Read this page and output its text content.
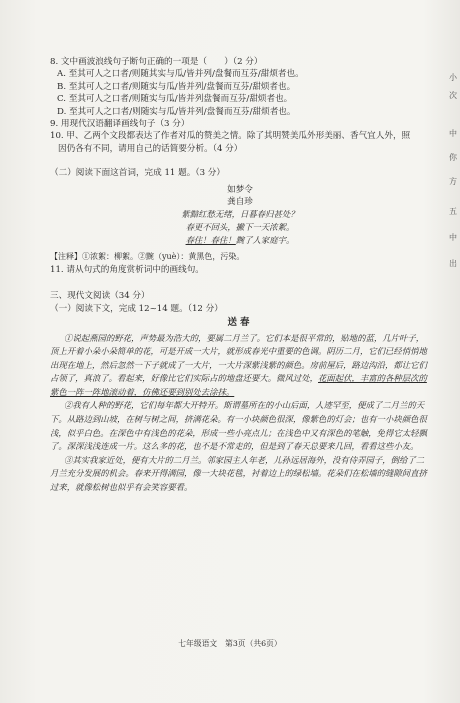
8. 文中画波浪线句子断句正确的一项是（　　）（2 分）
A. 至其可人之口者/则随其实与瓜/皆并列/盘餐而互芬/甜烦者也。
B. 至其可人之口者/则随实与瓜/皆并列/盘餐而互芬/甜烦者也。
C. 至其可人之口者/则随实与瓜/皆并列盘餐而互芬/甜烦者也。
D. 至其可人之口者/则随实与瓜/皆并列/盘餐而互芬/甜烦者也。
9. 用现代汉语翻译画线句子（3 分）
10. 甲、乙两个文段都表达了作者对瓜的赞美之情。除了其明赞美瓜外形美丽、香气宜人外，照
因仍各有不同，请用自己的话简要分析。（4 分）
（二）阅读下面这首词，完成 11 题。（3 分）
如梦令
龚自珍
紫黯红愁无绪，日暮春归甚处？
春更不回头，撇下一天浓絮。
春住！春住！黦了人家庭宇。
【注释】①浓絮：柳絮。②黦（yuè）：黄黑色，污染。
11. 请从句式的角度赏析词中的画线句。
三、现代文阅读（34 分）
（一）阅读下文，完成 12~14 题。（12 分）
送春
①说起燕园的野花，声势最为浩大的，要属二月兰了。它们本是很平常的，贴地的蓝，几片叶子，顶上开着小朵小朵简单的花，可是开成一大片，就形成春光中重要的色调。阴历二月，它们已经悄悄地出现在地上，然后忽然一下子就成了一大片，一大片深紫浅紫的颜色。房前屋后，路边沟沿，都让它们占领了，真浪了。看起来，好像比它们实际占的地盘还要大。微风过处，花面起伏，丰富的各种层次的紫色一阵一阵地滚动着，仿佛还要到别处去涂抹。
②我有人种的野花，它们每年都大开特开。斯谓墓所在的小山后面，人迹罕至，便成了二月兰的天下。从路边到山坡，在树与树之间，挤满花朵。有一小块颜色很深，像紫色的灯会；也有一小块颜色很浅，似乎白色。在深色中有浅色的花朵，形成一些小亮点儿；在浅色中又有深色的笔触，免得它太轻飘了。深深浅浅连成一片。这么多的花，也不是不常走的，但是到了春天总要来几回，看看这些小友。
③其实我家近处，便有大片的二月兰。邻家园主人年老，儿孙远居海外，没有侍弄园子，倒给了二月兰充分发展的机会。春来开得满园，像一大块花毯，衬着边上的绿松墙。花朵们在松墙的缝隙间直挤过来，就像松树也似乎有会笑容要看。
七年级语文　第3页（共6页）
小
次
中
你
方
五
中
出
